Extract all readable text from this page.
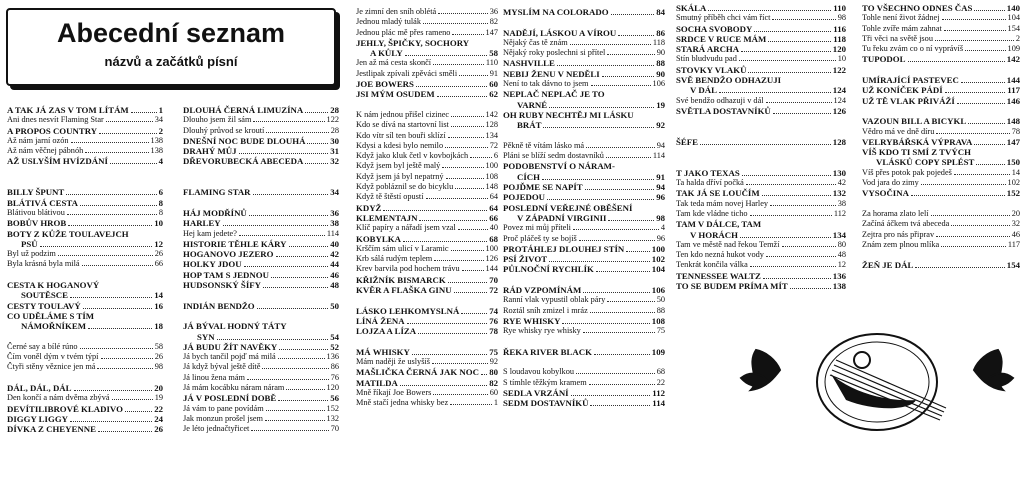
Abecední seznam
názvů a začátků písní
A TAK JÁ ZAS V TOM LÍTÁM	1
Ani dnes nesvít Flaming Star	34
A PROPOS COUNTRY	2
Až nám jarní ozón	138
Až nám věčnej pábnóh	138
AŽ USLYŠÍM HVÍZDÁNÍ	4
BILLY ŠPUNT	6
BLÁTIVÁ CESTA	8
Blátivou blátivou	8
BOBŮV HROB	10
BOTY Z KŮŽE TOULAVEJCH
PSŮ	12
Byl už podzim	26
Byla krásná byla milá	66
CESTA K HOGANOVÝ
SOUTĚSCE	14
CESTY TOULAVÝ	16
CO UDĚLÁME S TÍM
NÁMOŘNÍKEM	18
Černé say a bílé rúno	58
Čím voněl dým v tvém týpí	26
Čtyři stěny věznice jen má	98
DÁL, DÁL, DÁL	20
Den končí a nám dvěma zbývá	19
DEVÍTILIBROVÉ KLADIVO	22
DIGGY LIGGY	24
DÍVKA Z CHEYENNE	26
DLOUHÁ ČERNÁ LIMUZÍNA	28
Dlouho jsem žil sám	122
Dlouhý průvod se kroutí	28
DNEŠNÍ NOC BUDE DLOUHÁ	30
DRAHÝ MŮJ	31
DŘEVORUBECKÁ ABECEDA	32
FLAMING STAR	34
HÁJ MODŘÍNŮ	36
HARLEY	38
Hej kam jedete?	114
HISTORIE TĚHLE KÁRY	40
HOGANOVO JEZERO	42
HOLKY JDOU	44
HOP TAM S JEDNOU	46
HUDSONSKÝ ŠÍFY	48
INDIÁN BENDŽO	50
JÁ BÝVAL HODNÝ TÁTY
SYN	54
JÁ BUDU ŽÍT NAVĚKY	52
Já bych tančil pojď má milá	136
Já když býval ještě dítě	86
Já linou žena mám	76
Já mám kocábku náram náram	120
JÁ V POSLEDNÍ DOBĚ	56
Já vám to pane povídám	152
Jak monzun prošel jsem	132
Je léto jednačtyřicet	70
Je zimní den sníh oblétá	36
Jednou mladý tulák	82
Jednou plác mě přes rameno	147
JEHLY, ŠPIČKY, SOCHORY
A KŮLY	58
Jen až má cesta skončí	110
Jestlipak zpívali zpěváci směli	91
JOE BOWERS	60
JSI MÝM OSUDEM	62
K nám jednou přišel cizinec	142
Kdo se dívá na startovní list	128
Kdo vítr síl ten bouři sklízí	134
Kdysi a kdesi bylo nemilo	72
Když jako kluk četl v kovbojkách	6
Když jsem byl ještě malý	100
Když jsem já byl nepatrný	108
Když pobláznil se do bicyklu	148
Když tě štěstí opustí	64
KDYŽ	64
KLEMENTAJN	66
Klíč papíry a nářadí jsem vzal	40
KOBYLKA	68
Krščím sám ulicí v Laramic	100
Krb sálá rudým teplem	126
Krev barvila pod hochem trávu	144
KŘIŽNÍK BISMARCK	70
KVĚR A FLAŠKA GINU	72
LÁSKO LEHKOMYSLNÁ	74
LÍNÁ ŽENA	76
LOJZA A LÍZA	78
MÁ WHISKY	75
Mám naději že uslyšíš	92
MAŠLIČKA ČERNÁ JAK NOC 80
MATILDA	82
Mně říkají Joe Bowers	60
Mně stačí jedna whisky bez	1
MYSLÍM NA COLORADO	84
NADĚJÍ, LÁSKOU A VÍROU	86
Nějaký čas tě znám	118
Nějaký roky poslechni si přítel	90
NASHVILLE	88
NEBIJ ŽENU V NEDĚLI	90
Není to tak dávno to jsem	106
NEPLAČ NEPLAČ JE TO
VARNÉ	19
OH RUBY NECHTĚJ MI LÁSKU
BRÁT	92
Pěkně tě vítám lásko má	94
Pláni se blíží sedm dostavníků	114
PODOBENSTVÍ O NÁRAM-
CÍCH	91
POJĎME SE NAPÍT	94
POJEDOU	96
POSLEDNÍ VEŘEJNÉ OBĚŠENÍ
V ZÁPADNÍ VIRGINII	98
Povez mi můj příteli	4
Proč pláčeš ty se bojíš	96
PROTÁHLEJ DLOUHEJ STÍN	100
PSÍ ŽIVOT	102
PŮLNOČNÍ RYCHLÍK	104
RÁD VZPOMÍNÁM	106
Ranní vlak vypustil oblak páry	50
Roztál sníh zmizel i mráz	88
RYE WHISKY	108
Rye whisky rye whisky	75
ŘEKA RIVER BLACK	109
S loudavou kobylkou	68
S tímhle těžkým kramem	22
SEDLA VRZÁNÍ	112
SEDM DOSTAVNÍKŮ	114
SKÁLA	110
Smutný příběh chci vám říct	98
SOCHA SVOBODY	116
SRDCE V RUCE MÁM	118
STARÁ ARCHA	120
Stín bludvudu pad	10
STOVKY VLAKŮ	122
SVĚ BENDŽO ODHAZUJI
V DÁL	124
Své bendžo odhazuji v dál	124
SVĚTLA DOSTAVNÍKŮ	126
ŠÉFE	128
T JAKO TEXAS	130
Ta halda dříví počká	42
TAK JÁ SE LOUČÍM	132
Tak teda mám novej Harley	38
Tam kde vládne ticho	112
TAM V DÁLCE, TAM
V HORÁCH	134
Tam ve městě nad řekou Temží	80
Ten kdo nezná hukot vody	48
Tenkrát končila válka	12
TENNESSEE WALTZ	136
TO SE BUDEM PRÍMA MÍT	138
TO VŠECHNO ODNES ČAS	140
Tohle není život žádnej	104
Tohle zvíře mám zahnat	154
Tři věci na světě jsou	2
Tu řeku zvám co o ní vyprávíš	109
TUPODOL	142
UMÍRAJÍCÍ PASTEVEC	144
UŽ KONÍČEK PÁDÍ	117
UŽ TĚ VLAK PŘIVÁŽÍ	146
VAZOUN BILL A BICYKL	148
Vědro má ve dně díru	78
VELRYBÁŘSKÁ VÝPRAVA	147
VÍŠ KDO TI SMÍ Z TVÝCH
VLÁSKŮ COPY SPLÉST	150
Víš přes potok pak pojedeš	14
Vod jara do zimy	102
VYSOČINA	152
Za horama zlato lelí	20
Začíná áčkem tvá abeceda	32
Zejtra pro nás připrav	46
Znám zem plnou mlíka	117
ŽEŇ JE DÁL	154
